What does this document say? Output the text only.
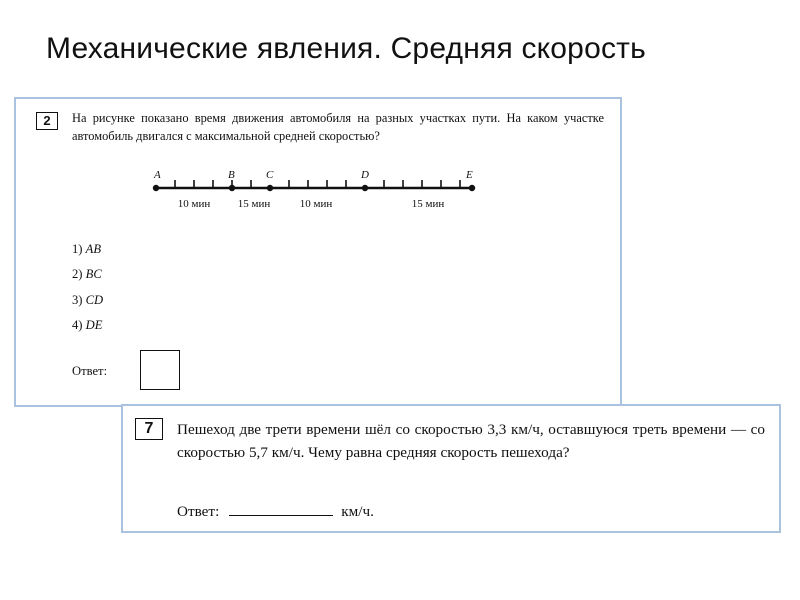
Механические явления. Средняя скорость
2	На рисунке показано время движения автомобиля на разных участках пути. На каком участке автомобиль двигался с максимальной средней скоростью?
A	B	C	D	E
10 мин	15 мин	10 мин	15 мин
1) AB
2) BC
3) CD
4) DE
Ответ:
7	Пешеход две трети времени шёл со скоростью 3,3 км/ч, оставшуюся треть времени — со скоростью 5,7 км/ч. Чему равна средняя скорость пешехода?
Ответ:	км/ч.
